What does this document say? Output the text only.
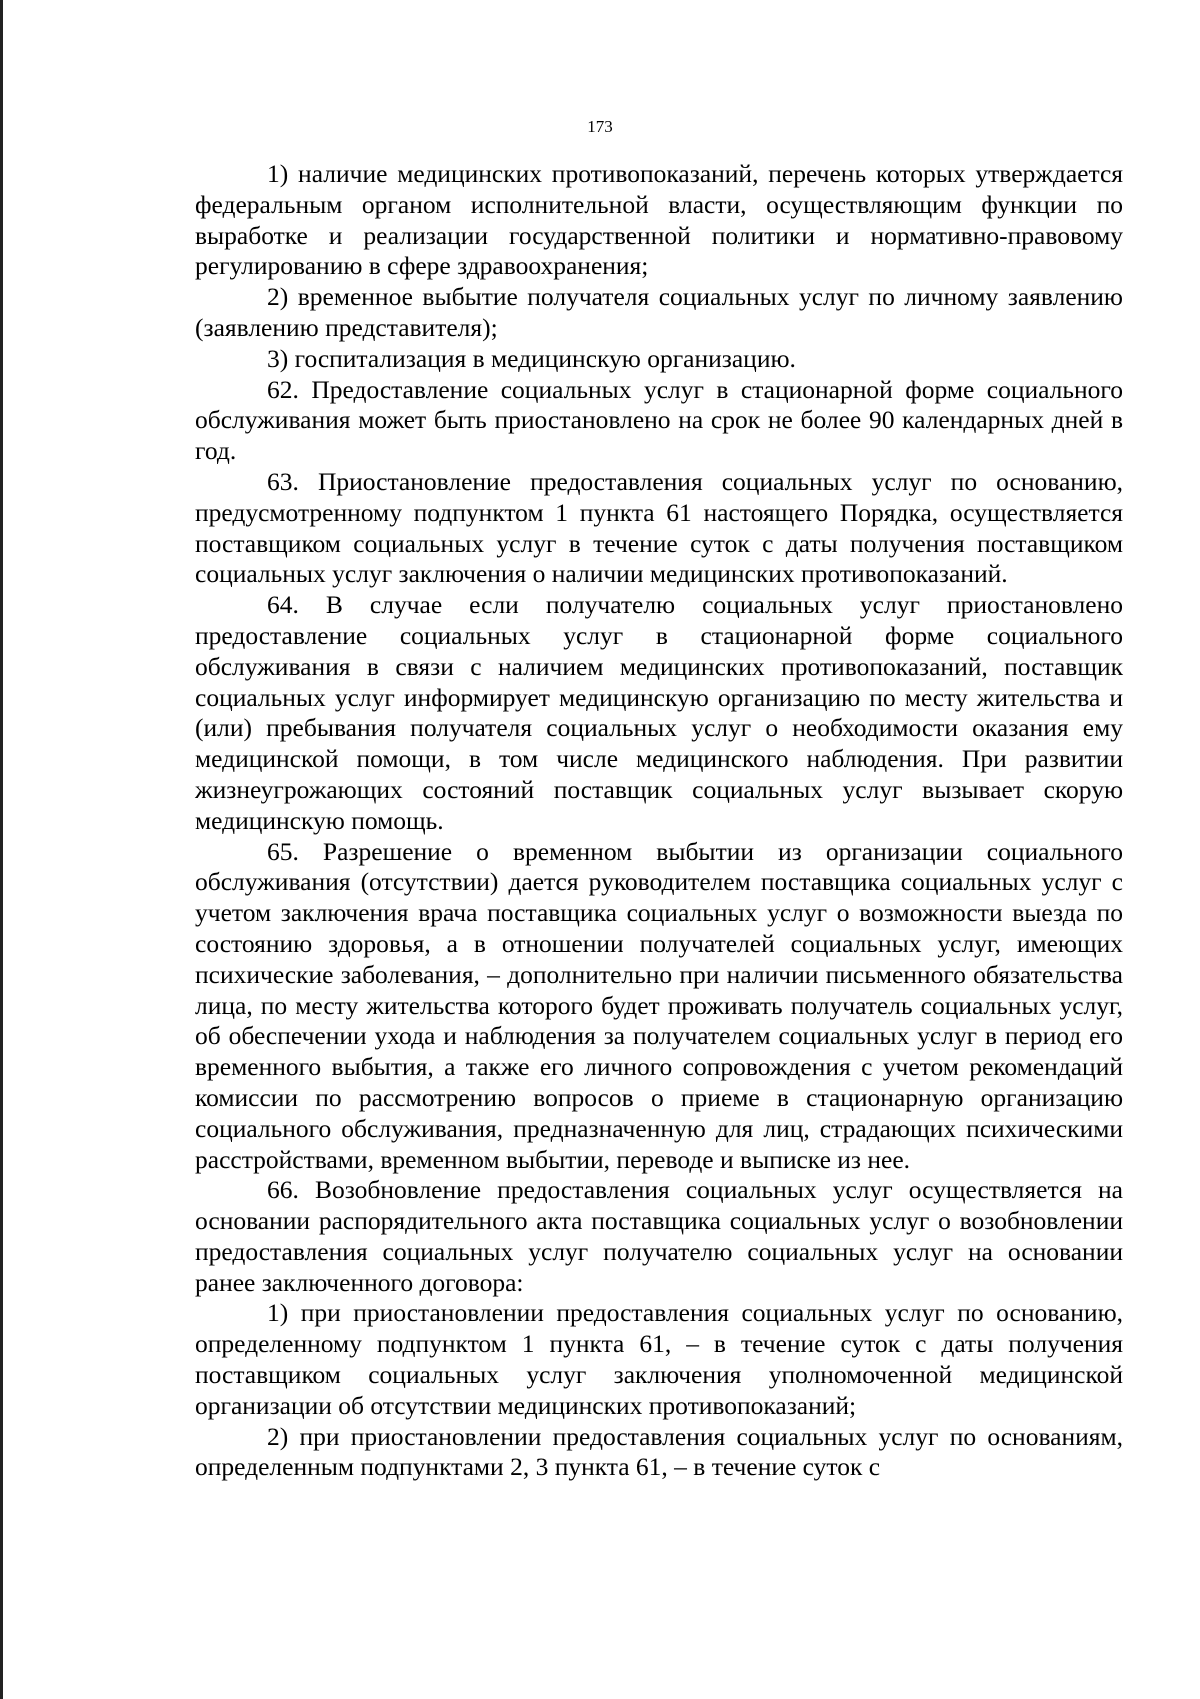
173

1) наличие медицинских противопоказаний, перечень которых утверждается федеральным органом исполнительной власти, осуществляющим функции по выработке и реализации государственной политики и нормативно-правовому регулированию в сфере здравоохранения;

2) временное выбытие получателя социальных услуг по личному заявлению (заявлению представителя);

3) госпитализация в медицинскую организацию.

62. Предоставление социальных услуг в стационарной форме социального обслуживания может быть приостановлено на срок не более 90 календарных дней в год.

63. Приостановление предоставления социальных услуг по основанию, предусмотренному подпунктом 1 пункта 61 настоящего Порядка, осуществляется поставщиком социальных услуг в течение суток с даты получения поставщиком социальных услуг заключения о наличии медицинских противопоказаний.

64. В случае если получателю социальных услуг приостановлено предоставление социальных услуг в стационарной форме социального обслуживания в связи с наличием медицинских противопоказаний, поставщик социальных услуг информирует медицинскую организацию по месту жительства и (или) пребывания получателя социальных услуг о необходимости оказания ему медицинской помощи, в том числе медицинского наблюдения. При развитии жизнеугрожающих состояний поставщик социальных услуг вызывает скорую медицинскую помощь.

65. Разрешение о временном выбытии из организации социального обслуживания (отсутствии) дается руководителем поставщика социальных услуг с учетом заключения врача поставщика социальных услуг о возможности выезда по состоянию здоровья, а в отношении получателей социальных услуг, имеющих психические заболевания, – дополнительно при наличии письменного обязательства лица, по месту жительства которого будет проживать получатель социальных услуг, об обеспечении ухода и наблюдения за получателем социальных услуг в период его временного выбытия, а также его личного сопровождения с учетом рекомендаций комиссии по рассмотрению вопросов о приеме в стационарную организацию социального обслуживания, предназначенную для лиц, страдающих психическими расстройствами, временном выбытии, переводе и выписке из нее.

66. Возобновление предоставления социальных услуг осуществляется на основании распорядительного акта поставщика социальных услуг о возобновлении предоставления социальных услуг получателю социальных услуг на основании ранее заключенного договора:

1) при приостановлении предоставления социальных услуг по основанию, определенному подпунктом 1 пункта 61, – в течение суток с даты получения поставщиком социальных услуг заключения уполномоченной медицинской организации об отсутствии медицинских противопоказаний;

2) при приостановлении предоставления социальных услуг по основаниям, определенным подпунктами 2, 3 пункта 61, – в течение суток с
